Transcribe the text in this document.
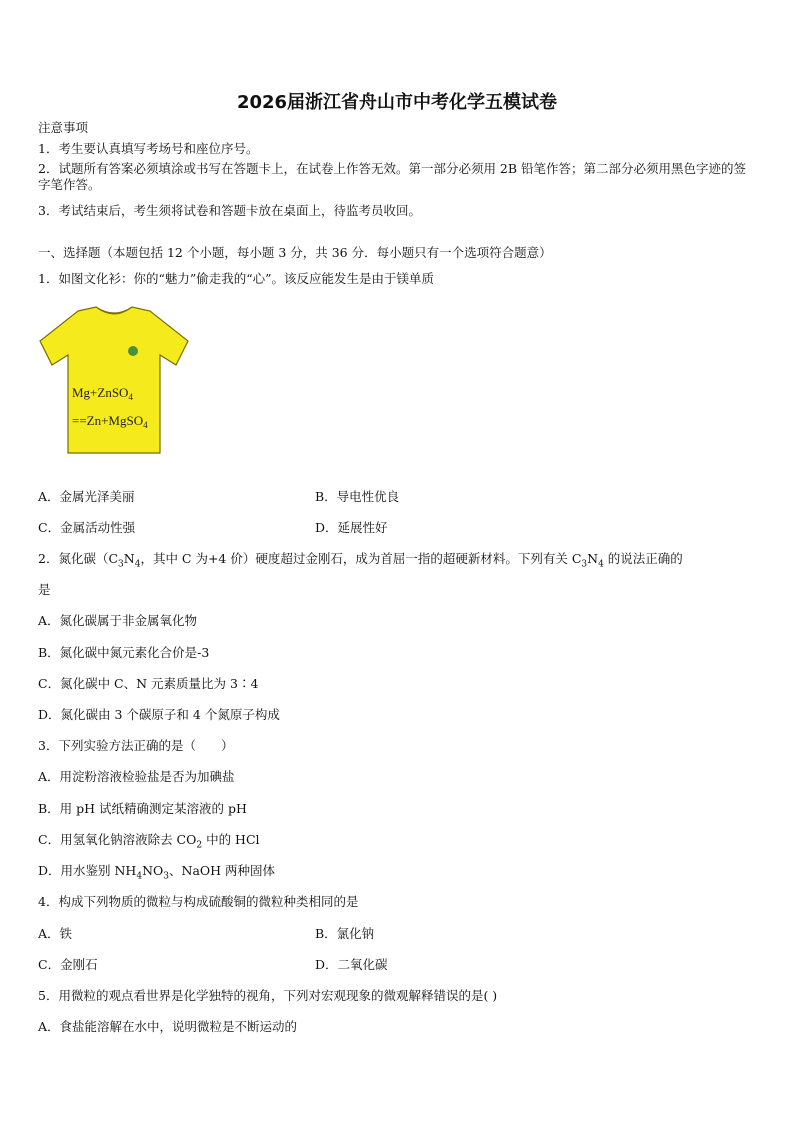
2026届浙江省舟山市中考化学五模试卷
注意事项
1．考生要认真填写考场号和座位序号。
2．试题所有答案必须填涂或书写在答题卡上，在试卷上作答无效。第一部分必须用 2B 铅笔作答；第二部分必须用黑色字迹的签字笔作答。
3．考试结束后，考生须将试卷和答题卡放在桌面上，待监考员收回。
一、选择题（本题包括 12 个小题，每小题 3 分，共 36 分．每小题只有一个选项符合题意）
1．如图文化衫：你的“魅力”偷走我的“心”。该反应能发生是由于镁单质
Mg+ZnSO$_4$
==Zn+MgSO$_4$
A．金属光泽美丽	B．导电性优良
C．金属活动性强	D．延展性好
2．氮化碳（$C_3N_4$，其中 C 为+4 价）硬度超过金刚石，成为首屈一指的超硬新材料。下列有关 $C_3N_4$ 的说法正确的
是
A．氮化碳属于非金属氧化物
B．氮化碳中氮元素化合价是-3
C．氮化碳中 C、N 元素质量比为 3∶4
D．氮化碳由 3 个碳原子和 4 个氮原子构成
3．下列实验方法正确的是（　　）
A．用淀粉溶液检验盐是否为加碘盐
B．用 pH 试纸精确测定某溶液的 pH
C．用氢氧化钠溶液除去 $CO_2$ 中的 HCl
D．用水鉴别 $NH_4NO_3$、NaOH 两种固体
4．构成下列物质的微粒与构成硫酸铜的微粒种类相同的是
A．铁	B．氯化钠
C．金刚石	D．二氧化碳
5．用微粒的观点看世界是化学独特的视角，下列对宏观现象的微观解释错误的是( )
A．食盐能溶解在水中，说明微粒是不断运动的
